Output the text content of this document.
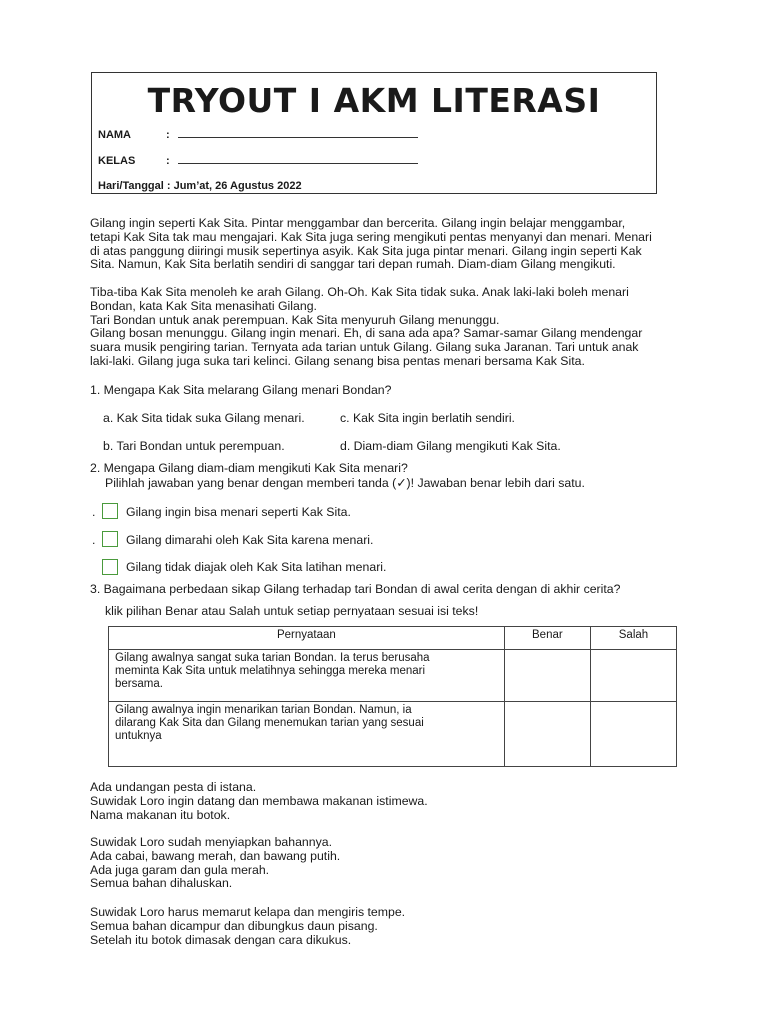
TRYOUT I AKM LITERASI
NAMA	:
KELAS	:
Hari/Tanggal : Jum’at, 26 Agustus 2022
Gilang ingin seperti Kak Sita. Pintar menggambar dan bercerita. Gilang ingin belajar menggambar,
tetapi Kak Sita tak mau mengajari. Kak Sita juga sering mengikuti pentas menyanyi dan menari. Menari
di atas panggung diiringi musik sepertinya asyik. Kak Sita juga pintar menari. Gilang ingin seperti Kak
Sita. Namun, Kak Sita berlatih sendiri di sanggar tari depan rumah. Diam-diam Gilang mengikuti.
Tiba-tiba Kak Sita menoleh ke arah Gilang. Oh-Oh. Kak Sita tidak suka. Anak laki-laki boleh menari
Bondan, kata Kak Sita menasihati Gilang.
Tari Bondan untuk anak perempuan. Kak Sita menyuruh Gilang menunggu.
Gilang bosan menunggu. Gilang ingin menari. Eh, di sana ada apa? Samar-samar Gilang mendengar
suara musik pengiring tarian. Ternyata ada tarian untuk Gilang. Gilang suka Jaranan. Tari untuk anak
laki-laki. Gilang juga suka tari kelinci. Gilang senang bisa pentas menari bersama Kak Sita.
1. Mengapa Kak Sita melarang Gilang menari Bondan?
a. Kak Sita tidak suka Gilang menari.	c. Kak Sita ingin berlatih sendiri.
b. Tari Bondan untuk perempuan.	d. Diam-diam Gilang mengikuti Kak Sita.
2. Mengapa Gilang diam-diam mengikuti Kak Sita menari?
Pilihlah jawaban yang benar dengan memberi tanda (✓)! Jawaban benar lebih dari satu.
. Gilang ingin bisa menari seperti Kak Sita.
. Gilang dimarahi oleh Kak Sita karena menari.
Gilang tidak diajak oleh Kak Sita latihan menari.
3. Bagaimana perbedaan sikap Gilang terhadap tari Bondan di awal cerita dengan di akhir cerita?
klik pilihan Benar atau Salah untuk setiap pernyataan sesuai isi teks!
Pernyataan	Benar	Salah
Gilang awalnya sangat suka tarian Bondan. Ia terus berusaha
meminta Kak Sita untuk melatihnya sehingga mereka menari
bersama.		
Gilang awalnya ingin menarikan tarian Bondan. Namun, ia
dilarang Kak Sita dan Gilang menemukan tarian yang sesuai
untuknya		
Ada undangan pesta di istana.
Suwidak Loro ingin datang dan membawa makanan istimewa.
Nama makanan itu botok.
Suwidak Loro sudah menyiapkan bahannya.
Ada cabai, bawang merah, dan bawang putih.
Ada juga garam dan gula merah.
Semua bahan dihaluskan.
Suwidak Loro harus memarut kelapa dan mengiris tempe.
Semua bahan dicampur dan dibungkus daun pisang.
Setelah itu botok dimasak dengan cara dikukus.
